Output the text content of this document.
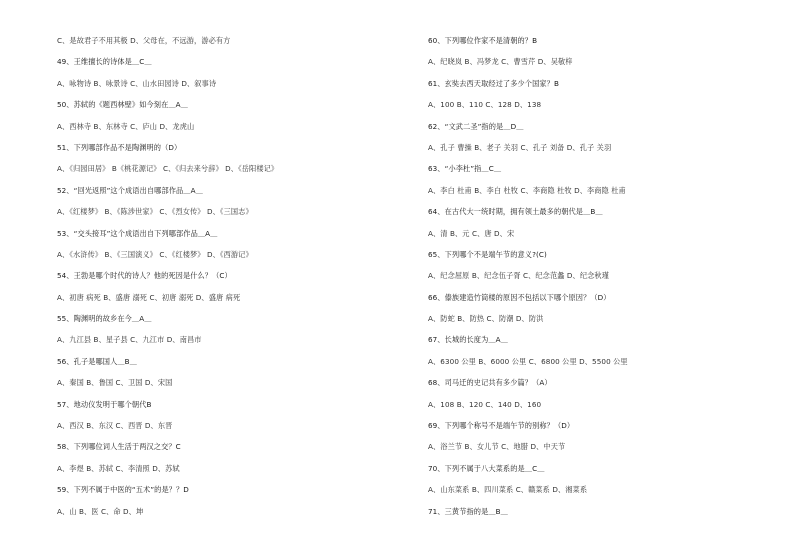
C、是故君子不用其极 D、父母在，不远游，游必有方
49、王维擅长的诗体是＿C＿
A、咏物诗 B、咏景诗 C、山水田园诗 D、叙事诗
50、苏轼的《题西林壁》如今刻在＿A＿
A、西林寺 B、东林寺 C、庐山 D、龙虎山
51、下列哪部作品不是陶渊明的（D）
A、《归园田居》 B《桃花源记》 C、《归去来兮辞》 D、《岳阳楼记》
52、“回光返照”这个成语出自哪部作品＿A＿
A、《红楼梦》 B、《陈涉世家》 C、《烈女传》 D、《三国志》
53、“交头接耳”这个成语出自下列哪部作品＿A＿
A、《水浒传》 B、《三国演义》 C、《红楼梦》 D、《西游记》
54、王勃是哪个时代的诗人？他的死因是什么？（C）
A、初唐 病死 B、盛唐 溺死 C、初唐 溺死 D、盛唐 病死
55、陶渊明的故乡在今＿A＿
A、九江县 B、星子县 C、九江市 D、南昌市
56、孔子是哪国人＿B＿
A、秦国 B、鲁国 C、卫国 D、宋国
57、地动仪发明于哪个朝代B
A、西汉 B、东汉 C、西晋 D、东晋
58、下列哪位词人生活于两汉之交？C
A、李煜 B、苏轼 C、李清照 D、苏轼
59、下列不属于中医的“五术”的是？？D
A、山 B、医 C、命 D、坤
60、下列哪位作家不是清朝的？B
A、纪晓岚 B、冯梦龙 C、曹雪芹 D、吴敬梓
61、玄奘去西天取经过了多少个国家？B
A、100 B、110 C、128 D、138
62、“文武二圣”指的是＿D＿
A、孔子 曹操 B、老子 关羽 C、孔子 刘备 D、孔子 关羽
63、“小李杜”指＿C＿
A、李白 杜甫 B、李白 杜牧 C、李商隐 杜牧 D、李商隐 杜甫
64、在古代大一统时期，拥有领土最多的朝代是＿B＿
A、清 B、元 C、唐 D、宋
65、下列哪个不是端午节的意义?(C)
A、纪念屈原 B、纪念伍子胥 C、纪念范蠡 D、纪念秋瑾
66、傣族建造竹筒楼的原因不包括以下哪个原因？（D）
A、防蛇 B、防热 C、防潮 D、防洪
67、长城的长度为＿A＿
A、6300 公里 B、6000 公里 C、6800 公里 D、5500 公里
68、司马迁的史记共有多少篇？（A）
A、108 B、120 C、140 D、160
69、下列哪个称号不是端午节的别称？（D）
A、浴兰节 B、女儿节 C、地腊 D、中天节
70、下列不属于八大菜系的是＿C＿
A、山东菜系 B、四川菜系 C、赣菜系 D、湘菜系
71、三黄节指的是＿B＿
